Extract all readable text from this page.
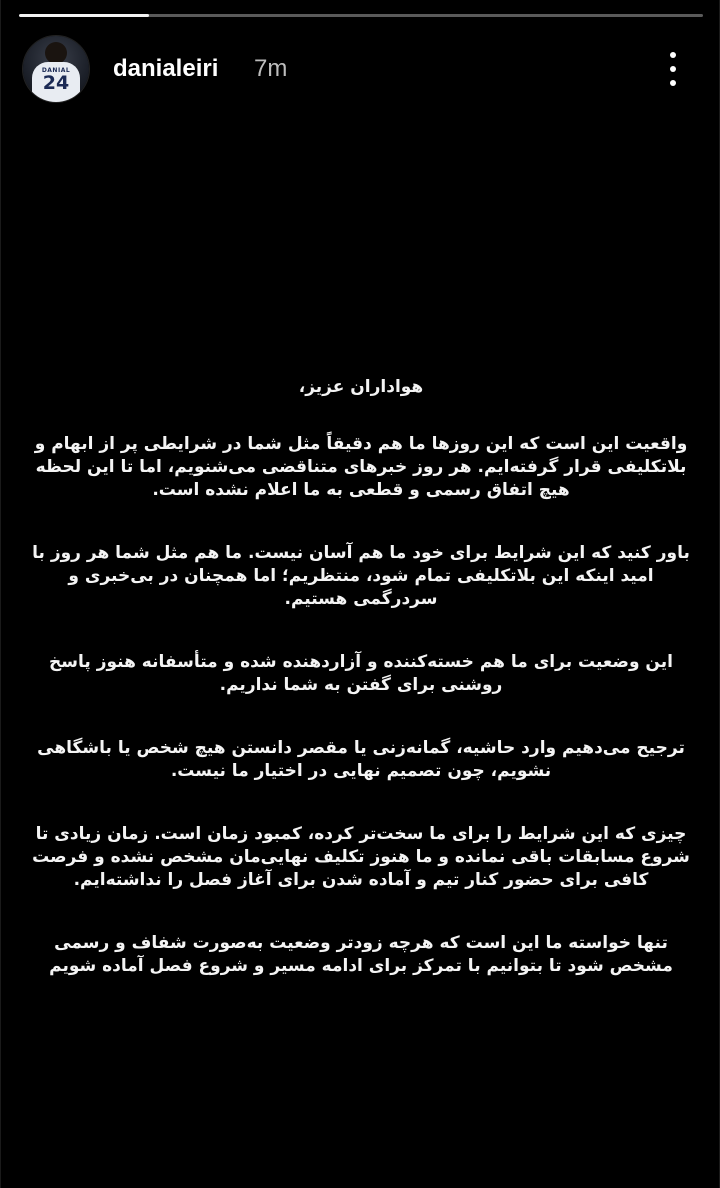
DANIAL
24
danialeiri 7m

هواداران عزیز،

واقعیت این است که این روزها ما هم دقیقاً مثل شما در شرایطی پر از ابهام و بلاتکلیفی قرار گرفته‌ایم. هر روز خبرهای متناقضی می‌شنویم، اما تا این لحظه هیچ اتفاق رسمی و قطعی به ما اعلام نشده است.

باور کنید که این شرایط برای خود ما هم آسان نیست. ما هم مثل شما هر روز با امید اینکه این بلاتکلیفی تمام شود، منتظریم؛ اما همچنان در بی‌خبری و سردرگمی هستیم.

این وضعیت برای ما هم خسته‌کننده و آزاردهنده شده و متأسفانه هنوز پاسخ روشنی برای گفتن به شما نداریم.

ترجیح می‌دهیم وارد حاشیه، گمانه‌زنی یا مقصر دانستن هیچ شخص یا باشگاهی نشویم، چون تصمیم نهایی در اختیار ما نیست.

چیزی که این شرایط را برای ما سخت‌تر کرده، کمبود زمان است. زمان زیادی تا شروع مسابقات باقی نمانده و ما هنوز تکلیف نهایی‌مان مشخص نشده و فرصت کافی برای حضور کنار تیم و آماده شدن برای آغاز فصل را نداشته‌ایم.

تنها خواسته ما این است که هرچه زودتر وضعیت به‌صورت شفاف و رسمی مشخص شود تا بتوانیم با تمرکز برای ادامه مسیر و شروع فصل آماده شویم
